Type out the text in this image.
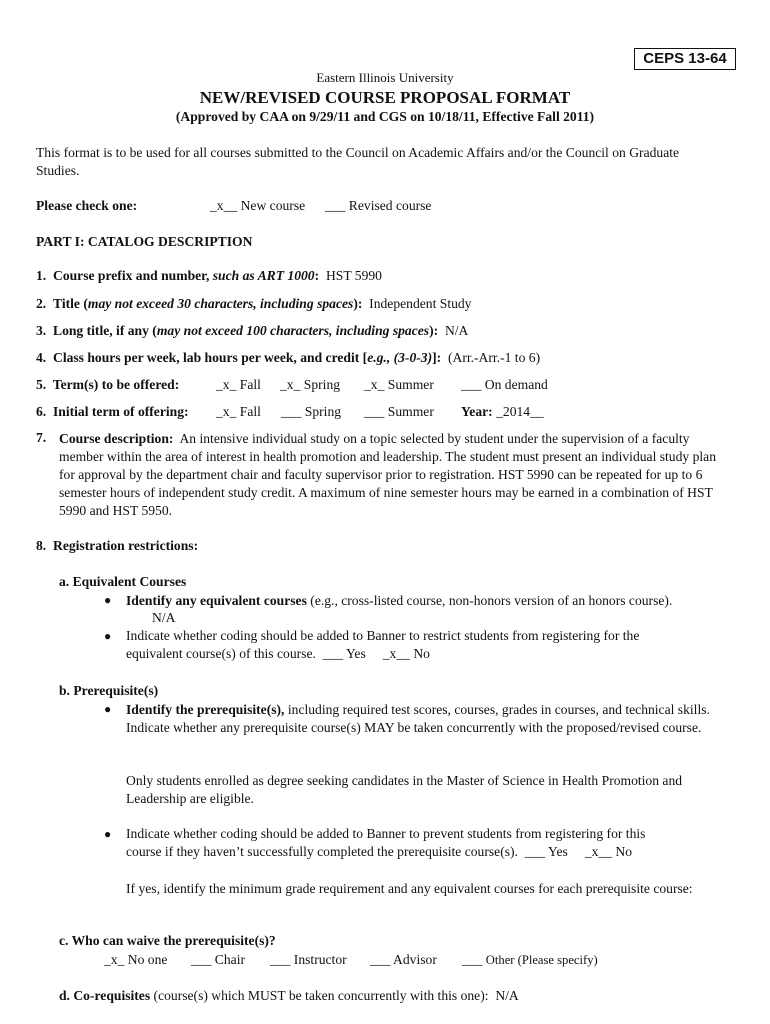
CEPS 13-64
Eastern Illinois University
NEW/REVISED COURSE PROPOSAL FORMAT
(Approved by CAA on 9/29/11 and CGS on 10/18/11, Effective Fall 2011)
This format is to be used for all courses submitted to the Council on Academic Affairs and/or the Council on Graduate Studies.
Please check one:	_x__ New course ___ Revised course
PART I: CATALOG DESCRIPTION
1. Course prefix and number, such as ART 1000: HST 5990
2. Title (may not exceed 30 characters, including spaces): Independent Study
3. Long title, if any (may not exceed 100 characters, including spaces): N/A
4. Class hours per week, lab hours per week, and credit [e.g., (3-0-3)]: (Arr.-Arr.-1 to 6)
5. Term(s) to be offered:	_x_ Fall _x_ Spring _x_ Summer ___ On demand
6. Initial term of offering: _x_ Fall ___ Spring ___ Summer Year: _2014__
7. Course description: An intensive individual study on a topic selected by student under the supervision of a faculty member within the area of interest in health promotion and leadership. The student must present an individual study plan for approval by the department chair and faculty supervisor prior to registration. HST 5990 can be repeated for up to 6 semester hours of independent study credit. A maximum of nine semester hours may be earned in a combination of HST 5990 and HST 5950.
8. Registration restrictions:
a. Equivalent Courses
● Identify any equivalent courses (e.g., cross-listed course, non-honors version of an honors course).
N/A
● Indicate whether coding should be added to Banner to restrict students from registering for the
equivalent course(s) of this course. ___ Yes _x__ No
b. Prerequisite(s)
● Identify the prerequisite(s), including required test scores, courses, grades in courses, and technical skills. Indicate whether any prerequisite course(s) MAY be taken concurrently with the proposed/revised course.
Only students enrolled as degree seeking candidates in the Master of Science in Health Promotion and Leadership are eligible.
● Indicate whether coding should be added to Banner to prevent students from registering for this
course if they haven’t successfully completed the prerequisite course(s). ___ Yes _x__ No
If yes, identify the minimum grade requirement and any equivalent courses for each prerequisite course:
c. Who can waive the prerequisite(s)?
_x_ No one ___ Chair ___ Instructor ___ Advisor ___ Other (Please specify)
d. Co-requisites (course(s) which MUST be taken concurrently with this one): N/A
